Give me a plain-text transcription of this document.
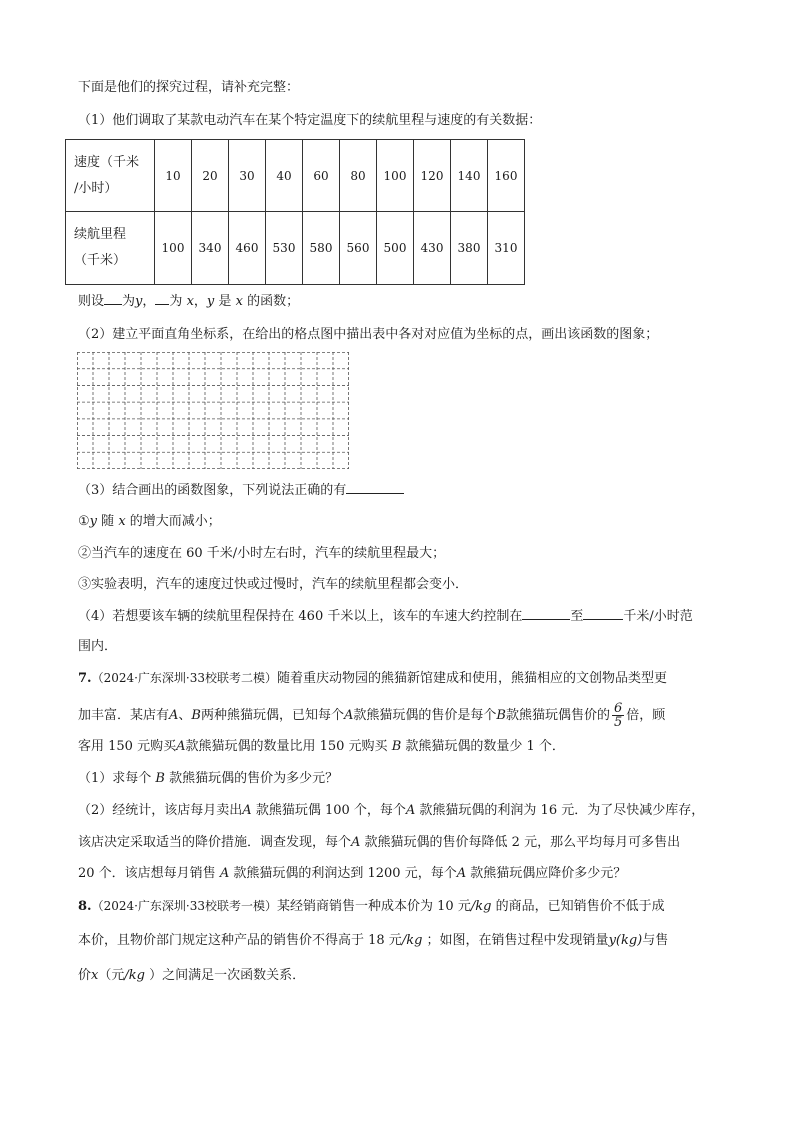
下面是他们的探究过程，请补充完整：
（1）他们调取了某款电动汽车在某个特定温度下的续航里程与速度的有关数据：
速度（千米
/小时）	10	20	30	40	60	80	100	120	140	160

续航里程
（千米）	100	340	460	530	580	560	500	430	380	310
则设 为y， 为 x，y 是 x 的函数；
（2）建立平面直角坐标系，在给出的格点图中描出表中各对对应值为坐标的点，画出该函数的图象；
（3）结合画出的函数图象，下列说法正确的有
①y 随 x 的增大而减小；
②当汽车的速度在 60 千米/小时左右时，汽车的续航里程最大；
③实验表明，汽车的速度过快或过慢时，汽车的续航里程都会变小．
（4）若想要该车辆的续航里程保持在 460 千米以上，该车的车速大约控制在	至	千米/小时范
围内．
7.（2024·广东深圳·33校联考二模）随着重庆动物园的熊猫新馆建成和使用，熊猫相应的文创物品类型更
加丰富．某店有A、B两种熊猫玩偶，已知每个A款熊猫玩偶的售价是每个B款熊猫玩偶售价的 $\frac{6}{5}$ 倍，顾
客用 150 元购买A款熊猫玩偶的数量比用 150 元购买 B 款熊猫玩偶的数量少 1 个．
（1）求每个 B 款熊猫玩偶的售价为多少元？
（2）经统计，该店每月卖出A 款熊猫玩偶 100 个，每个A 款熊猫玩偶的利润为 16 元．为了尽快减少库存，
该店决定采取适当的降价措施．调查发现，每个A 款熊猫玩偶的售价每降低 2 元，那么平均每月可多售出
20 个．该店想每月销售 A 款熊猫玩偶的利润达到 1200 元，每个A 款熊猫玩偶应降价多少元？
8.（2024·广东深圳·33校联考一模）某经销商销售一种成本价为 10 元/kg 的商品，已知销售价不低于成
本价，且物价部门规定这种产品的销售价不得高于 18 元/kg ；如图，在销售过程中发现销量y(kg)与售
价x（元/kg ）之间满足一次函数关系．
